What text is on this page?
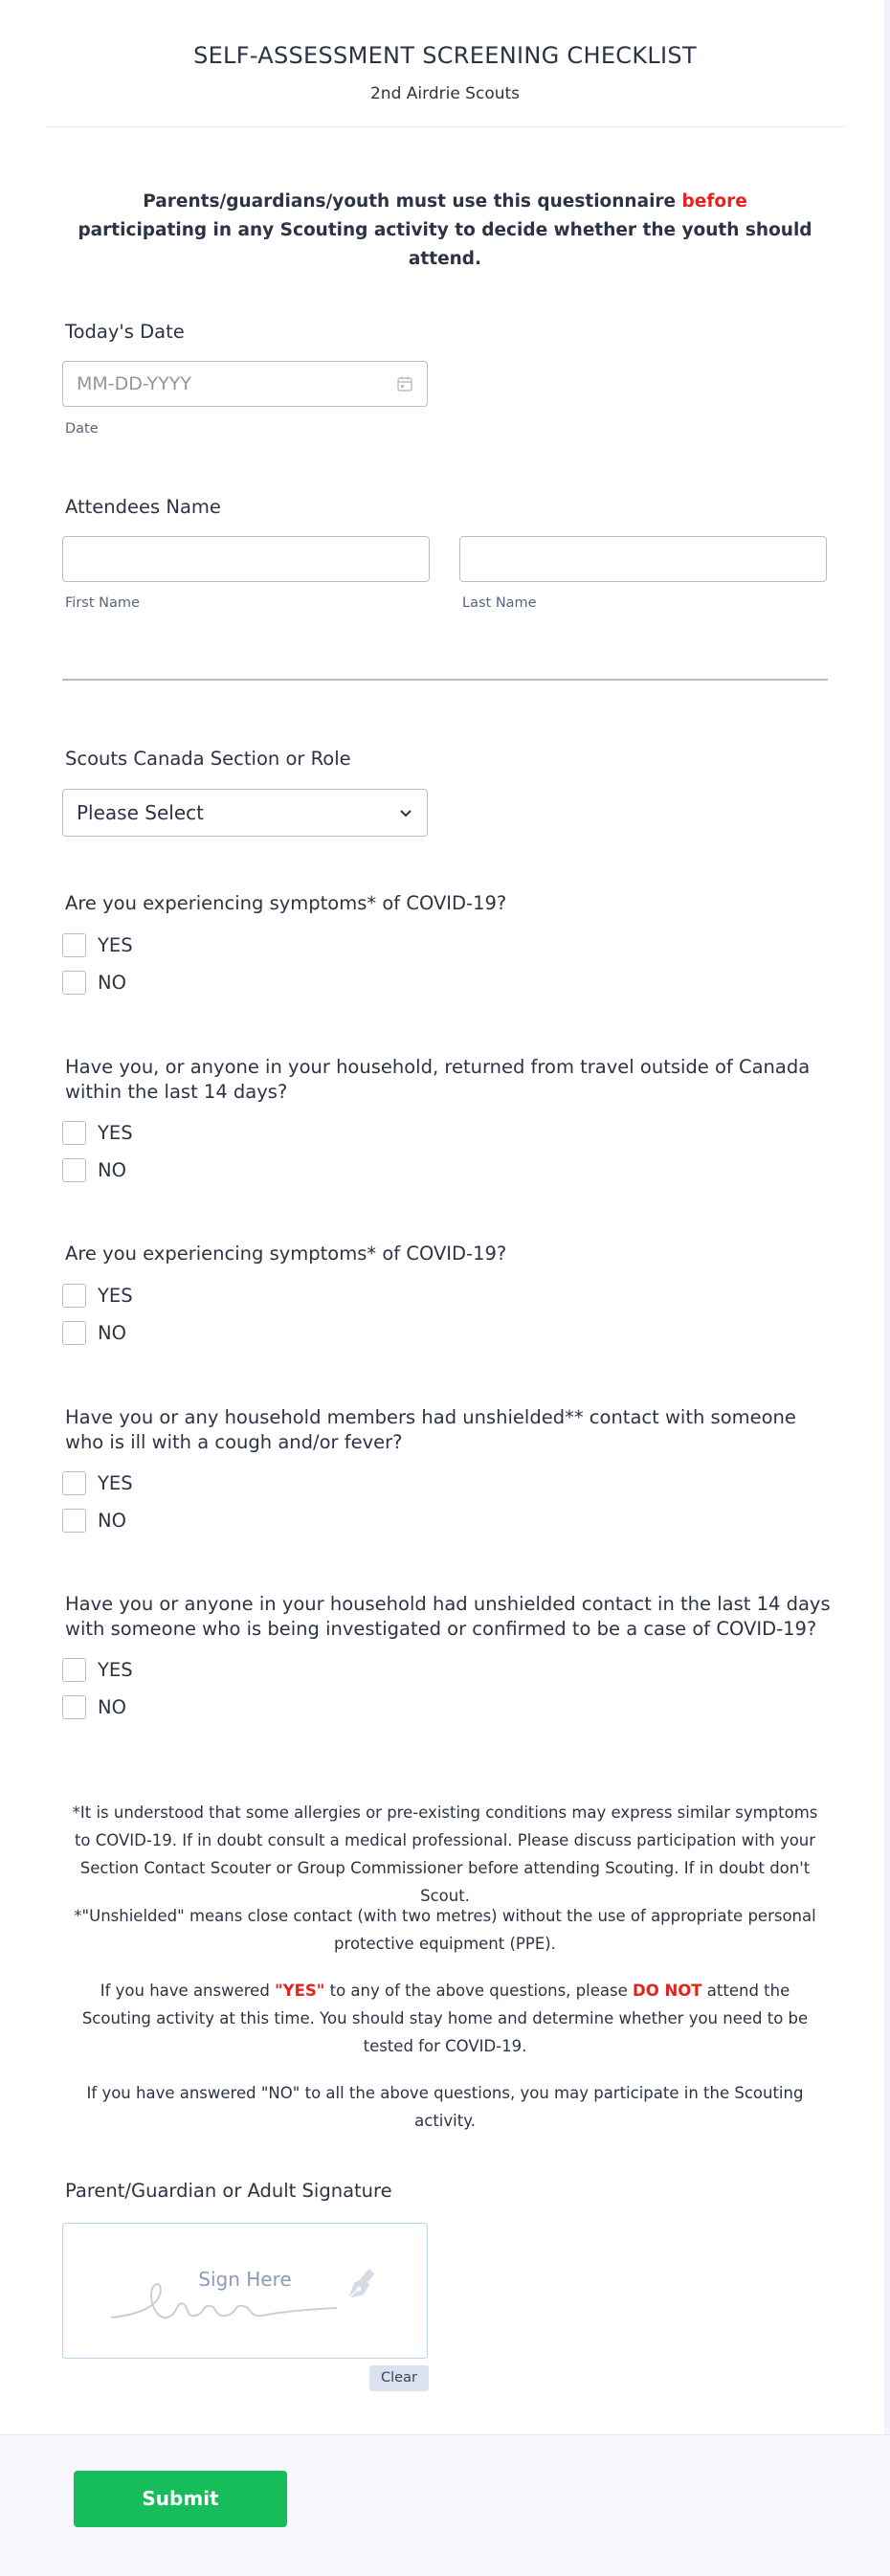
SELF-ASSESSMENT SCREENING CHECKLIST
2nd Airdrie Scouts
Parents/guardians/youth must use this questionnaire before participating in any Scouting activity to decide whether the youth should attend.
Today's Date
MM-DD-YYYY
Date
Attendees Name
First Name	Last Name
Scouts Canada Section or Role
Please Select
Are you experiencing symptoms* of COVID-19?
YES
NO
Have you, or anyone in your household, returned from travel outside of Canada within the last 14 days?
YES
NO
Are you experiencing symptoms* of COVID-19?
YES
NO
Have you or any household members had unshielded** contact with someone who is ill with a cough and/or fever?
YES
NO
Have you or anyone in your household had unshielded contact in the last 14 days with someone who is being investigated or confirmed to be a case of COVID-19?
YES
NO
*It is understood that some allergies or pre-existing conditions may express similar symptoms to COVID-19. If in doubt consult a medical professional. Please discuss participation with your Section Contact Scouter or Group Commissioner before attending Scouting. If in doubt don't Scout.
*"Unshielded" means close contact (with two metres) without the use of appropriate personal protective equipment (PPE).
If you have answered "YES" to any of the above questions, please DO NOT attend the Scouting activity at this time. You should stay home and determine whether you need to be tested for COVID-19.
If you have answered "NO" to all the above questions, you may participate in the Scouting activity.
Parent/Guardian or Adult Signature
Sign Here
Clear
Submit
